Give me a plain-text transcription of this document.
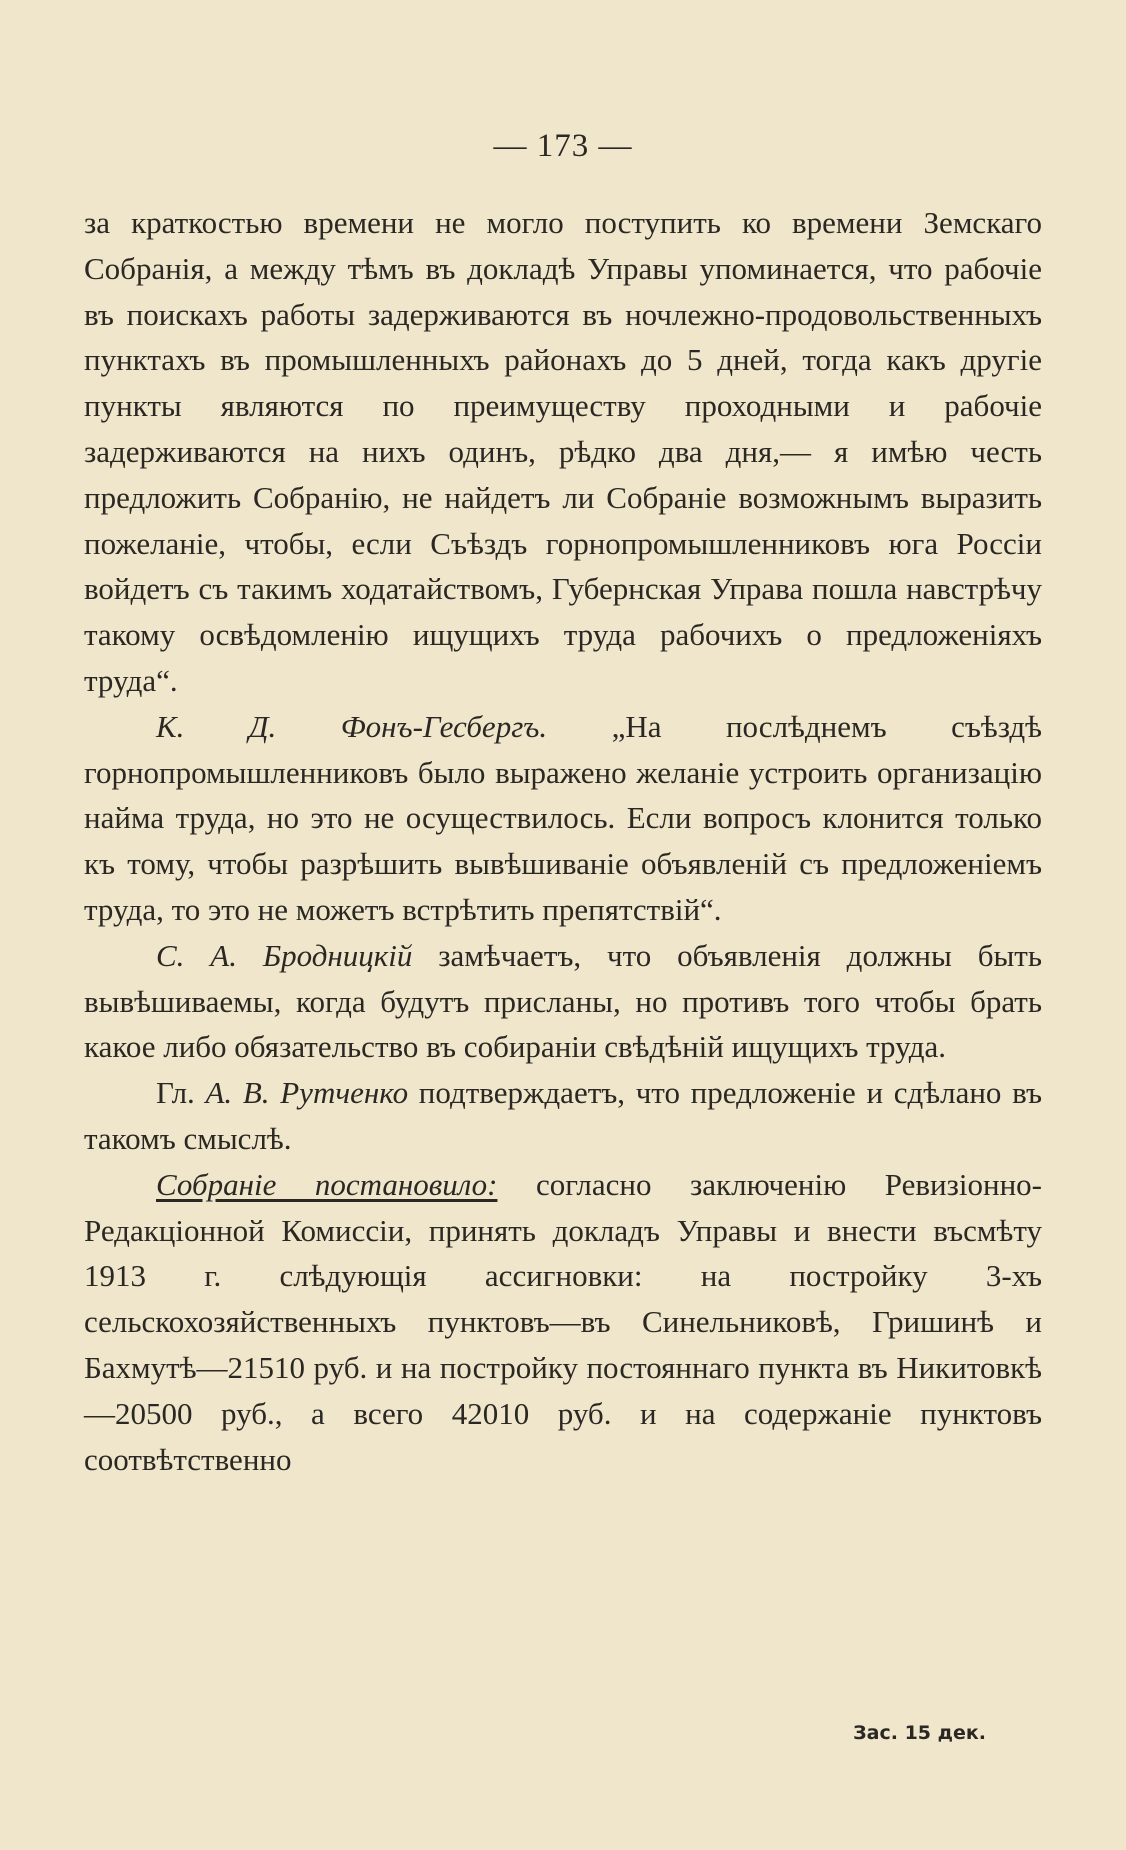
— 173 —

за краткостью времени не могло поступить ко времени Земскаго Собранія, а между тѣмъ въ докладѣ Управы упоминается, что рабочіе въ поискахъ работы задерживаются въ ночлежно-продовольственныхъ пунктахъ въ промышленныхъ районахъ до 5 дней, тогда какъ другіе пункты являются по преимуществу проходными и рабочіе задерживаются на нихъ одинъ, рѣдко два дня,— я имѣю честь предложить Собранію, не найдетъ ли Собраніе возможнымъ выразить пожеланіе, чтобы, если Съѣздъ горнопромышленниковъ юга Россіи войдетъ съ такимъ ходатайствомъ, Губернская Управа пошла навстрѣчу такому освѣдомленію ищущихъ труда рабочихъ о предложеніяхъ труда“.

К. Д. Фонъ-Гесбергъ. „На послѣднемъ съѣздѣ горнопромышленниковъ было выражено желаніе устроить организацію найма труда, но это не осуществилось. Если вопросъ клонится только къ тому, чтобы разрѣшить вывѣшиваніе объявленій съ предложеніемъ труда, то это не можетъ встрѣтить препятствій“.

С. А. Бродницкій замѣчаетъ, что объявленія должны быть вывѣшиваемы, когда будутъ присланы, но противъ того чтобы брать какое либо обязательство въ собираніи свѣдѣній ищущихъ труда.

Гл. А. В. Рутченко подтверждаетъ, что предложеніе и сдѣлано въ такомъ смыслѣ.

Собраніе постановило: согласно заключенію Ревизіонно-Редакціонной Комиссіи, принять докладъ Управы и внести въсмѣту 1913 г. слѣдующія ассигновки: на постройку 3-хъ сельскохозяйственныхъ пунктовъ—въ Синельниковѣ, Гришинѣ и Бахмутѣ—21510 руб. и на постройку постояннаго пункта въ Никитовкѣ—20500 руб., а всего 42010 руб. и на содержаніе пунктовъ соотвѣтственно

Зас. 15 дек.
